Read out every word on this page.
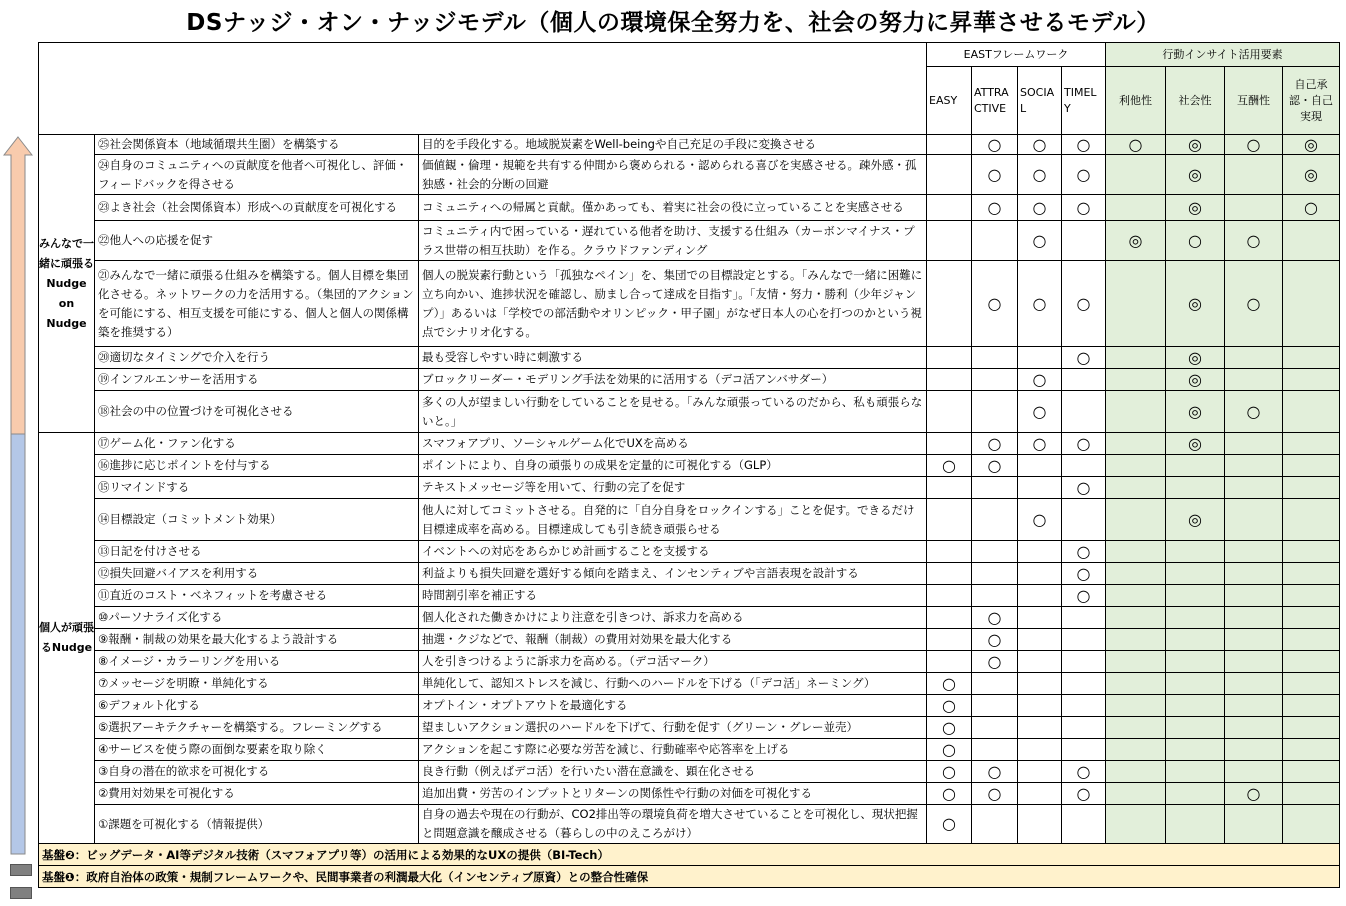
DSナッジ・オン・ナッジモデル（個人の環境保全努力を、社会の努力に昇華させるモデル）
			EASTフレームワーク				行動インサイト活用要素			
			EASY	ATTRA CTIVE	SOCIA L	TIMEL Y	利他性	社会性	互酬性	自己承認・自己実現
みんなで一緒に頑張るNudge on Nudge	㉕社会関係資本（地域循環共生圏）を構築する	目的を手段化する。地域脱炭素をWell-beingや自己充足の手段に変換させる		○	○	○	○	◎	○	◎
	㉔自身のコミュニティへの貢献度を他者へ可視化し、評価・フィードバックを得させる	価値観・倫理・規範を共有する仲間から褒められる・認められる喜びを実感させる。疎外感・孤独感・社会的分断の回避		○	○	○		◎		◎
	㉓よき社会（社会関係資本）形成への貢献度を可視化する	コミュニティへの帰属と貢献。僅かあっても、着実に社会の役に立っていることを実感させる		○	○	○		◎		○
	㉒他人への応援を促す	コミュニティ内で困っている・遅れている他者を助け、支援する仕組み（カーボンマイナス・プラス世帯の相互扶助）を作る。クラウドファンディング			○		◎	○	○	
	㉑みんなで一緒に頑張る仕組みを構築する。個人目標を集団化させる。ネットワークの力を活用する。（集団的アクションを可能にする、相互支援を可能にする、個人と個人の関係構築を推奨する）	個人の脱炭素行動という「孤独なペイン」を、集団での目標設定とする。「みんなで一緒に困難に立ち向かい、進捗状況を確認し、励まし合って達成を目指す」。「友情・努力・勝利（少年ジャンプ）」あるいは「学校での部活動やオリンピック・甲子園」がなぜ日本人の心を打つのかという視点でシナリオ化する。		○	○	○		◎	○	
	⑳適切なタイミングで介入を行う	最も受容しやすい時に刺激する				○		◎		
	⑲インフルエンサーを活用する	ブロックリーダー・モデリング手法を効果的に活用する（デコ活アンバサダー）			○			◎		
	⑱社会の中の位置づけを可視化させる	多くの人が望ましい行動をしていることを見せる。「みんな頑張っているのだから、私も頑張らないと。」			○			◎	○	
個人が頑張るNudge	⑰ゲーム化・ファン化する	スマフォアプリ、ソーシャルゲーム化でUXを高める		○	○	○		◎		
	⑯進捗に応じポイントを付与する	ポイントにより、自身の頑張りの成果を定量的に可視化する（GLP）	○	○						
	⑮リマインドする	テキストメッセージ等を用いて、行動の完了を促す				○				
	⑭目標設定（コミットメント効果）	他人に対してコミットさせる。自発的に「自分自身をロックインする」ことを促す。できるだけ目標達成率を高める。目標達成しても引き続き頑張らせる			○			◎		
	⑬日記を付けさせる	イベントへの対応をあらかじめ計画することを支援する				○				
	⑫損失回避バイアスを利用する	利益よりも損失回避を選好する傾向を踏まえ、インセンティブや言語表現を設計する				○				
	⑪直近のコスト・ベネフィットを考慮させる	時間割引率を補正する				○				
	⑩パーソナライズ化する	個人化された働きかけにより注意を引きつけ、訴求力を高める		○						
	⑨報酬・制裁の効果を最大化するよう設計する	抽選・クジなどで、報酬（制裁）の費用対効果を最大化する		○						
	⑧イメージ・カラーリングを用いる	人を引きつけるように訴求力を高める。（デコ活マーク）		○						
	⑦メッセージを明瞭・単純化する	単純化して、認知ストレスを減じ、行動へのハードルを下げる（「デコ活」ネーミング）	○							
	⑥デフォルト化する	オプトイン・オプトアウトを最適化する	○							
	⑤選択アーキテクチャーを構築する。フレーミングする	望ましいアクション選択のハードルを下げて、行動を促す（グリーン・グレー並売）	○							
	④サービスを使う際の面倒な要素を取り除く	アクションを起こす際に必要な労苦を減じ、行動確率や応答率を上げる	○							
	③自身の潜在的欲求を可視化する	良き行動（例えばデコ活）を行いたい潜在意識を、顕在化させる	○	○		○				
	②費用対効果を可視化する	追加出費・労苦のインプットとリターンの関係性や行動の対価を可視化する	○	○		○			○	
	①課題を可視化する（情報提供）	自身の過去や現在の行動が、CO2排出等の環境負荷を増大させていることを可視化し、現状把握と問題意識を醸成させる（暮らしの中のえころがけ）	○							
基盤❷：ビッグデータ・AI等デジタル技術（スマフォアプリ等）の活用による効果的なUXの提供（BI-Tech）										
基盤❶：政府自治体の政策・規制フレームワークや、民間事業者の利潤最大化（インセンティブ原資）との整合性確保										
